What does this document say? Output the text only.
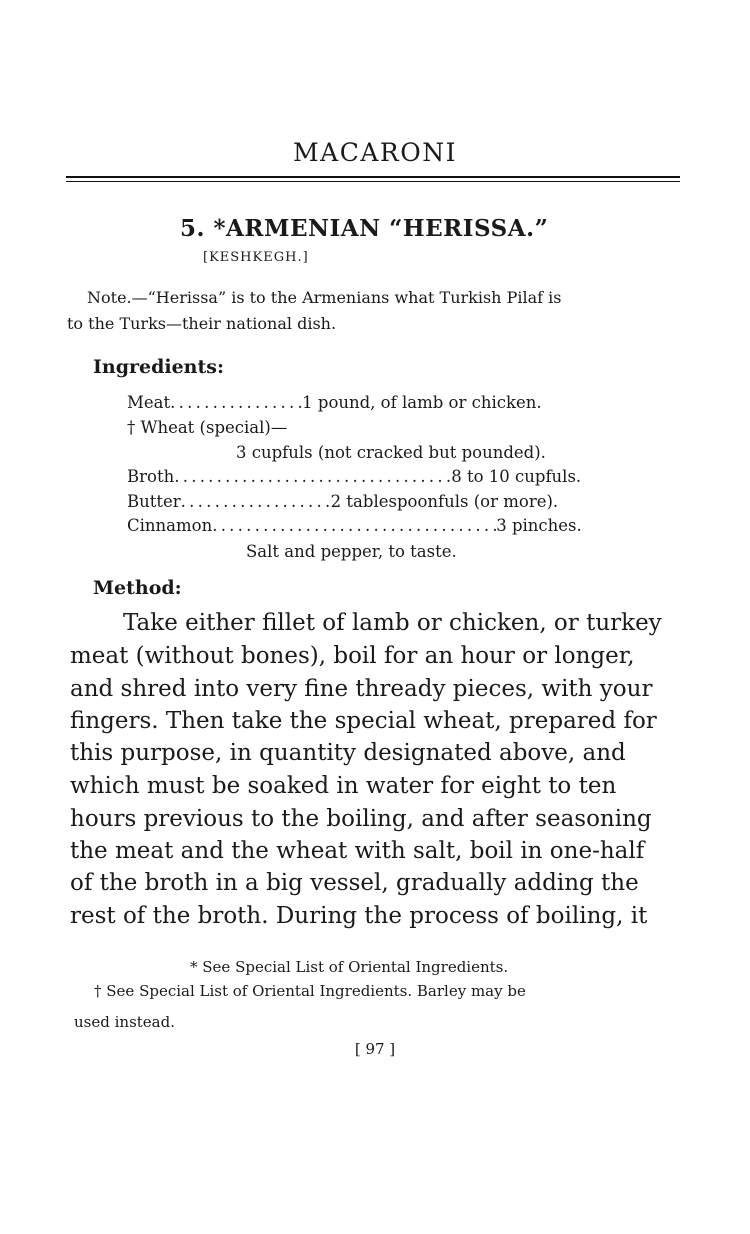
MACARONI
5. *ARMENIAN “HERISSA.”
[KESHKEGH.]
Note.—“Herissa” is to the Armenians what Turkish Pilaf is
to the Turks—their national dish.
Ingredients:
Meat . . .	1 pound, of lamb or chicken.
† Wheat (special)—
3 cupfuls (not cracked but pounded).
Broth . . .	8 to 10 cupfuls.
Butter . . .	2 tablespoonfuls (or more).
Cinnamon . . .	3 pinches.
Salt and pepper, to taste.
Method:
Take either fillet of lamb or chicken, or turkey
meat (without bones), boil for an hour or longer,
and shred into very fine thready pieces, with your
fingers. Then take the special wheat, prepared for
this purpose, in quantity designated above, and
which must be soaked in water for eight to ten
hours previous to the boiling, and after seasoning
the meat and the wheat with salt, boil in one-half
of the broth in a big vessel, gradually adding the
rest of the broth. During the process of boiling, it
* See Special List of Oriental Ingredients.
† See Special List of Oriental Ingredients. Barley may be
used instead.
[ 97 ]
